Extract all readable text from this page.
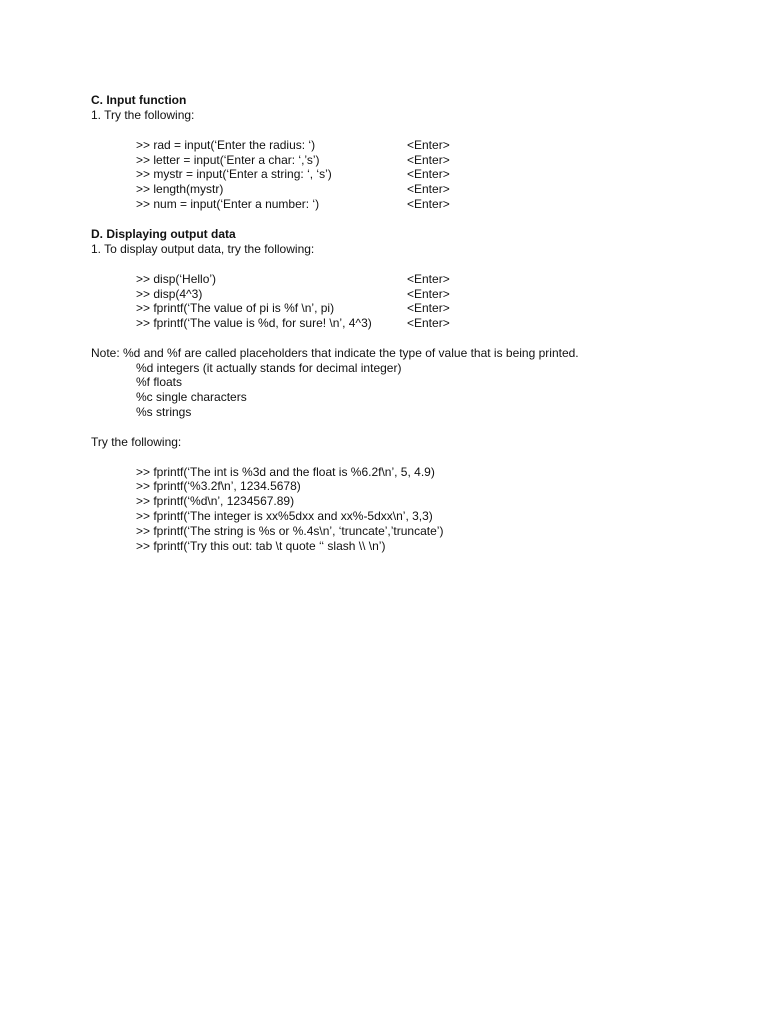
C. Input function
1. Try the following:
>> rad = input(‘Enter the radius: ‘)	<Enter>
>> letter = input(‘Enter a char: ‘,’s’)	<Enter>
>> mystr = input(‘Enter a string: ‘, ‘s’)	<Enter>
>> length(mystr)	<Enter>
>> num = input(‘Enter a number: ‘)	<Enter>
D. Displaying output data
1. To display output data, try the following:
>> disp(‘Hello’)	<Enter>
>> disp(4^3)	<Enter>
>> fprintf(‘The value of pi is %f \n’, pi)	<Enter>
>> fprintf(‘The value is %d, for sure! \n’, 4^3)	<Enter>
Note: %d and %f are called placeholders that indicate the type of value that is being printed.
%d integers (it actually stands for decimal integer)
%f floats
%c single characters
%s strings
Try the following:
>> fprintf(‘The int is %3d and the float is %6.2f\n’, 5, 4.9)
>> fprintf(‘%3.2f\n’, 1234.5678)
>> fprintf(‘%d\n’, 1234567.89)
>> fprintf(‘The integer is xx%5dxx and xx%-5dxx\n’, 3,3)
>> fprintf(‘The string is %s or %.4s\n’, ‘truncate’,’truncate’)
>> fprintf(‘Try this out: tab \t quote ‘‘ slash \\ \n’)
